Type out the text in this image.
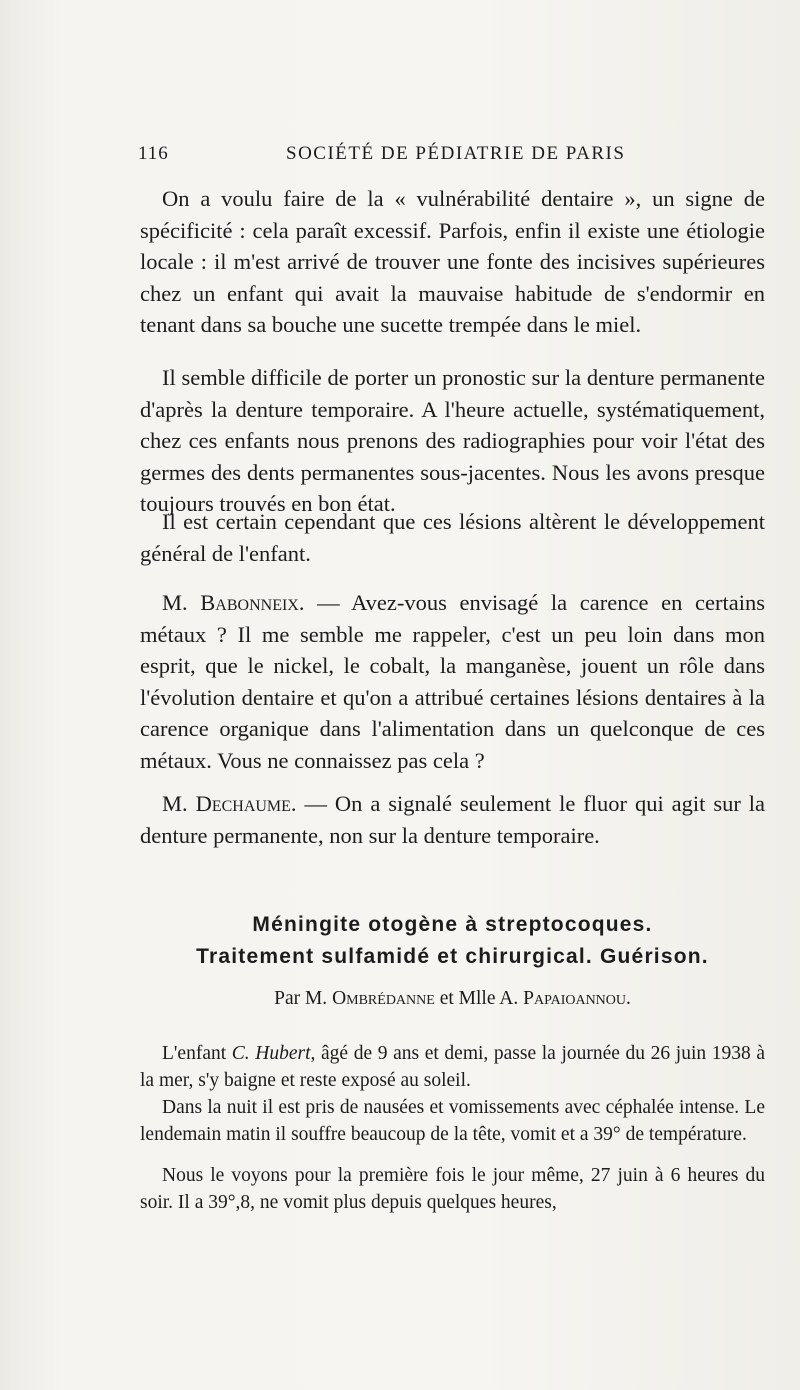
116	SOCIÉTÉ DE PÉDIATRIE DE PARIS

On a voulu faire de la « vulnérabilité dentaire », un signe de spécificité : cela paraît excessif. Parfois, enfin il existe une étiologie locale : il m'est arrivé de trouver une fonte des incisives supérieures chez un enfant qui avait la mauvaise habitude de s'endormir en tenant dans sa bouche une sucette trempée dans le miel.

Il semble difficile de porter un pronostic sur la denture permanente d'après la denture temporaire. A l'heure actuelle, systématiquement, chez ces enfants nous prenons des radiographies pour voir l'état des germes des dents permanentes sous-jacentes. Nous les avons presque toujours trouvés en bon état.

Il est certain cependant que ces lésions altèrent le développement général de l'enfant.

M. Babonneix. — Avez-vous envisagé la carence en certains métaux ? Il me semble me rappeler, c'est un peu loin dans mon esprit, que le nickel, le cobalt, la manganèse, jouent un rôle dans l'évolution dentaire et qu'on a attribué certaines lésions dentaires à la carence organique dans l'alimentation dans un quelconque de ces métaux. Vous ne connaissez pas cela ?

M. Dechaume. — On a signalé seulement le fluor qui agit sur la denture permanente, non sur la denture temporaire.

Méningite otogène à streptocoques.
Traitement sulfamidé et chirurgical. Guérison.
Par M. Ombrédanne et Mlle A. Papaioannou.

L'enfant C. Hubert, âgé de 9 ans et demi, passe la journée du 26 juin 1938 à la mer, s'y baigne et reste exposé au soleil.

Dans la nuit il est pris de nausées et vomissements avec céphalée intense. Le lendemain matin il souffre beaucoup de la tête, vomit et a 39° de température.

Nous le voyons pour la première fois le jour même, 27 juin à 6 heures du soir. Il a 39°,8, ne vomit plus depuis quelques heures,
